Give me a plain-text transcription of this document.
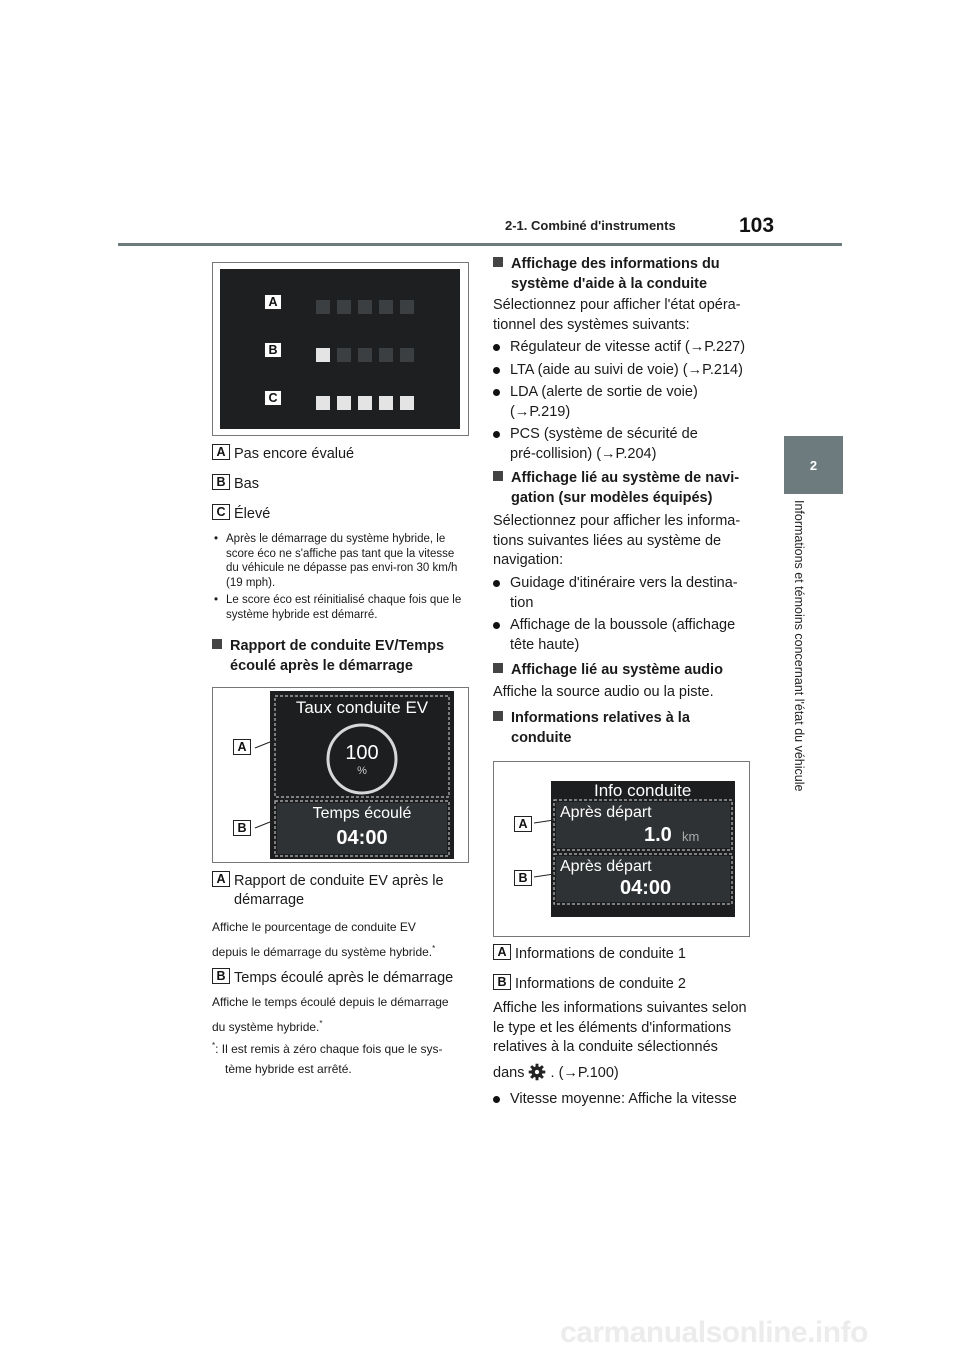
2-1. Combiné d'instruments	103
2
Informations et témoins concernant l'état du véhicule
A
B
C
A Pas encore évalué
B Bas
C Élevé
• Après le démarrage du système hybride, le score éco ne s'affiche pas tant que la vitesse du véhicule ne dépasse pas envi-ron 30 km/h (19 mph).
• Le score éco est réinitialisé chaque fois que le système hybride est démarré.
Rapport de conduite EV/Temps
écoulé après le démarrage
Taux conduite EV
100
%
Temps écoulé
04:00
A
B
A Rapport de conduite EV après le
démarrage
Affiche le pourcentage de conduite EV
depuis le démarrage du système hybride.*
B Temps écoulé après le démarrage
Affiche le temps écoulé depuis le démarrage
du système hybride.*
*: Il est remis à zéro chaque fois que le sys-
tème hybride est arrêté.
Affichage des informations du
système d'aide à la conduite
Sélectionnez pour afficher l'état opéra-
tionnel des systèmes suivants:
Régulateur de vitesse actif (→P.227)
LTA (aide au suivi de voie) (→P.214)
LDA (alerte de sortie de voie)
(→P.219)
PCS (système de sécurité de
pré-collision) (→P.204)
Affichage lié au système de navi-
gation (sur modèles équipés)
Sélectionnez pour afficher les informa-
tions suivantes liées au système de
navigation:
Guidage d'itinéraire vers la destina-
tion
Affichage de la boussole (affichage
tête haute)
Affichage lié au système audio
Affiche la source audio ou la piste.
Informations relatives à la
conduite
Info conduite
Après départ
1.0 km
Après départ
04:00
A
B
A Informations de conduite 1
B Informations de conduite 2
Affiche les informations suivantes selon
le type et les éléments d'informations
relatives à la conduite sélectionnés
dans . (→P.100)
Vitesse moyenne: Affiche la vitesse
carmanualsonline.info
